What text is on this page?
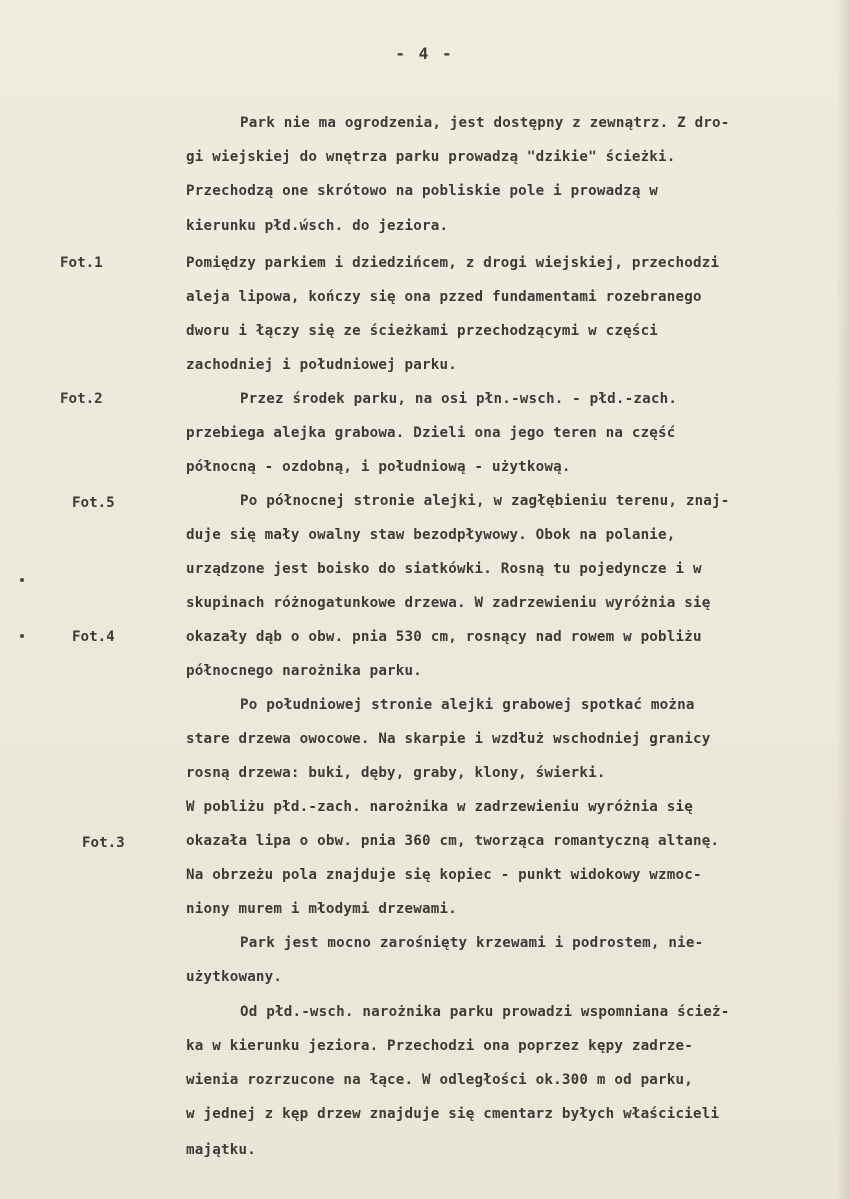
- 4 -
Fot.1
Fot.2
Fot.5
Fot.4
Fot.3
Park nie ma ogrodzenia, jest dostępny z zewnątrz. Z dro-
gi wiejskiej do wnętrza parku prowadzą "dzikie" ścieżki.
Przechodzą one skrótowo na pobliskie pole i prowadzą w
kierunku płd.ẃsch. do jeziora.
Pomiędzy parkiem i dziedzińcem, z drogi wiejskiej, przechodzi
aleja lipowa, kończy się ona pzzed fundamentami rozebranego
dworu i łączy się ze ścieżkami przechodzącymi w części
zachodniej i południowej parku.
Przez środek parku, na osi płn.-wsch. - płd.-zach.
przebiega alejka grabowa. Dzieli ona jego teren na część
północną - ozdobną, i południową - użytkową.
Po północnej stronie alejki, w zagłębieniu terenu, znaj-
duje się mały owalny staw bezodpływowy. Obok na polanie,
urządzone jest boisko do siatkówki. Rosną tu pojedyncze i w
skupinach różnogatunkowe drzewa. W zadrzewieniu wyróżnia się
okazały dąb o obw. pnia 530 cm, rosnący nad rowem w pobliżu
północnego narożnika parku.
Po południowej stronie alejki grabowej spotkać można
stare drzewa owocowe. Na skarpie i wzdłuż wschodniej granicy
rosną drzewa: buki, dęby, graby, klony, świerki.
W pobliżu płd.-zach. narożnika w zadrzewieniu wyróżnia się
okazała lipa o obw. pnia 360 cm, tworząca romantyczną altanę.
Na obrzeżu pola znajduje się kopiec - punkt widokowy wzmoc-
niony murem i młodymi drzewami.
Park jest mocno zarośnięty krzewami i podrostem, nie-
użytkowany.
Od płd.-wsch. narożnika parku prowadzi wspomniana ścież-
ka w kierunku jeziora. Przechodzi ona poprzez kępy zadrze-
wienia rozrzucone na łące. W odległości ok.300 m od parku,
w jednej z kęp drzew znajduje się cmentarz byłych właścicieli
majątku.
